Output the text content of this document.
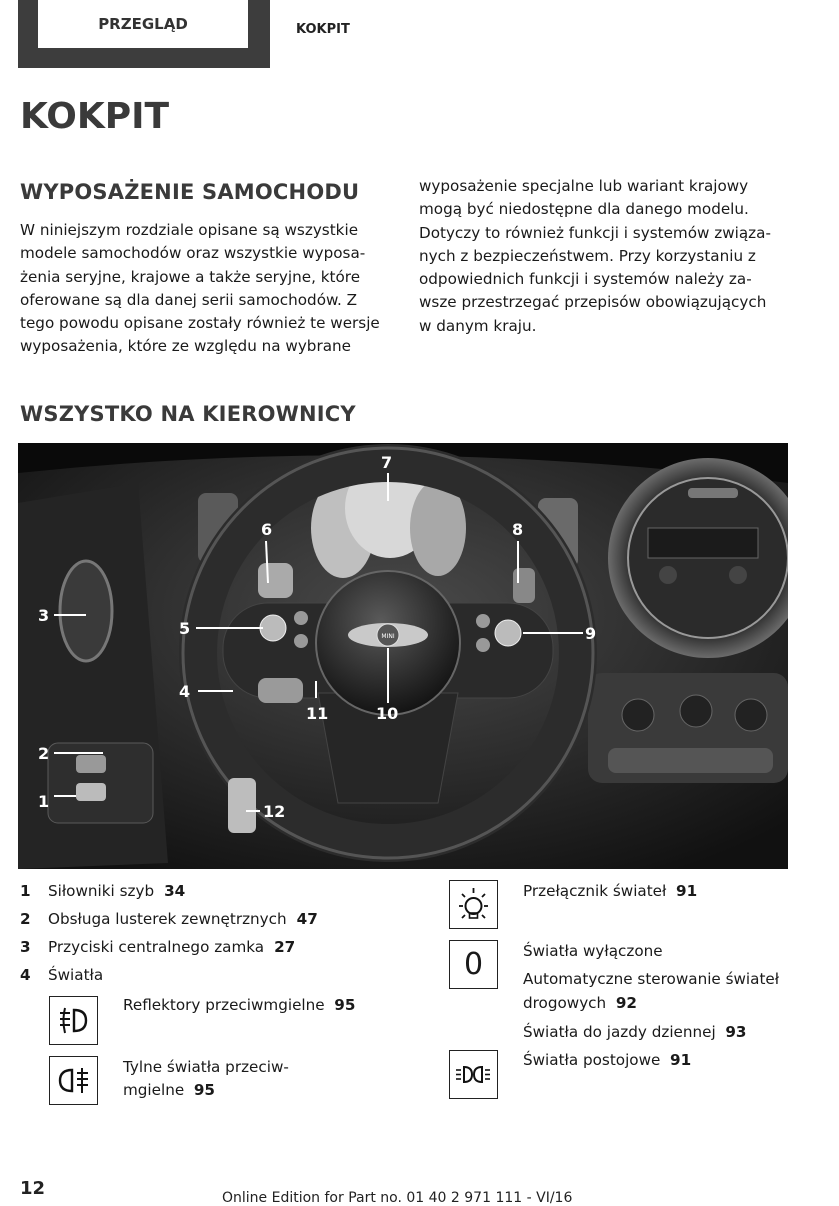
PRZEGLĄD	KOKPIT
KOKPIT
WYPOSAŻENIE SAMOCHODU
W niniejszym rozdziale opisane są wszystkie
modele samochodów oraz wszystkie wyposa-
żenia seryjne, krajowe a także seryjne, które
oferowane są dla danej serii samochodów. Z
tego powodu opisane zostały również te wersje
wyposażenia, które ze względu na wybrane
wyposażenie specjalne lub wariant krajowy
mogą być niedostępne dla danego modelu.
Dotyczy to również funkcji i systemów związa-
nych z bezpieczeństwem. Przy korzystaniu z
odpowiednich funkcji i systemów należy za-
wsze przestrzegać przepisów obowiązujących
w danym kraju.
WSZYSTKO NA KIEROWNICY
MINI
7
6	8
3
5	9
4
11	10
2
1
12
1 Siłowniki szyb 34
2 Obsługa lusterek zewnętrznych 47
3 Przyciski centralnego zamka 27
4 Światła
Reflektory przeciwmgielne 95
Tylne światła przeciw-
mgielne 95
Przełącznik świateł 91
0	Światła wyłączone
Automatyczne sterowanie świateł
drogowych 92
Światła do jazdy dziennej 93
Światła postojowe 91
12	Online Edition for Part no. 01 40 2 971 111 - VI/16
